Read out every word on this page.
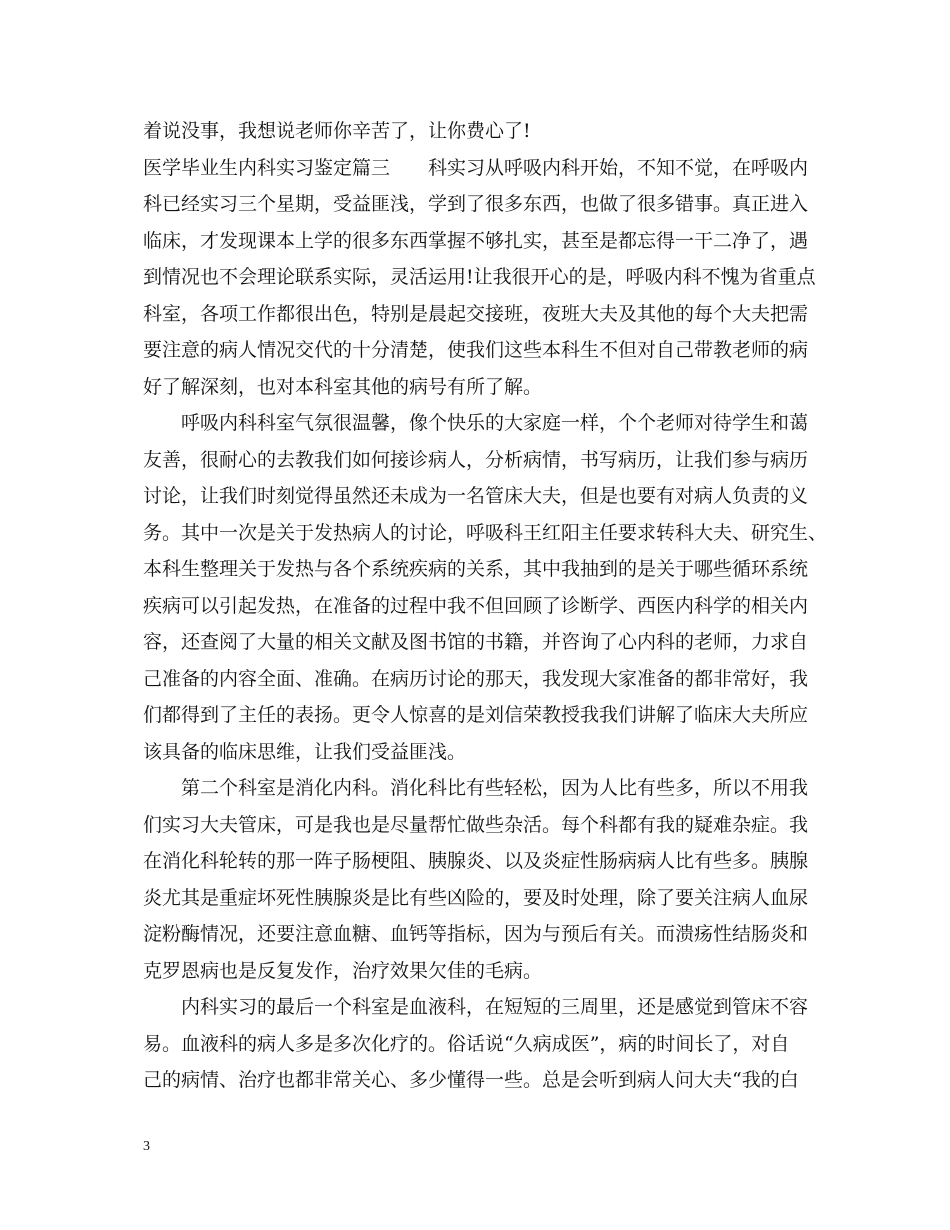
着说没事，我想说老师你辛苦了，让你费心了!
医学毕业生内科实习鉴定篇三　　科实习从呼吸内科开始，不知不觉，在呼吸内
科已经实习三个星期，受益匪浅，学到了很多东西，也做了很多错事。真正进入
临床，才发现课本上学的很多东西掌握不够扎实，甚至是都忘得一干二净了，遇
到情况也不会理论联系实际，灵活运用!让我很开心的是，呼吸内科不愧为省重点
科室，各项工作都很出色，特别是晨起交接班，夜班大夫及其他的每个大夫把需
要注意的病人情况交代的十分清楚，使我们这些本科生不但对自己带教老师的病
好了解深刻，也对本科室其他的病号有所了解。
呼吸内科科室气氛很温馨，像个快乐的大家庭一样，个个老师对待学生和蔼
友善，很耐心的去教我们如何接诊病人，分析病情，书写病历，让我们参与病历
讨论，让我们时刻觉得虽然还未成为一名管床大夫，但是也要有对病人负责的义
务。其中一次是关于发热病人的讨论，呼吸科王红阳主任要求转科大夫、研究生、
本科生整理关于发热与各个系统疾病的关系，其中我抽到的是关于哪些循环系统
疾病可以引起发热，在准备的过程中我不但回顾了诊断学、西医内科学的相关内
容，还查阅了大量的相关文献及图书馆的书籍，并咨询了心内科的老师，力求自
己准备的内容全面、准确。在病历讨论的那天，我发现大家准备的都非常好，我
们都得到了主任的表扬。更令人惊喜的是刘信荣教授我我们讲解了临床大夫所应
该具备的临床思维，让我们受益匪浅。
第二个科室是消化内科。消化科比有些轻松，因为人比有些多，所以不用我
们实习大夫管床，可是我也是尽量帮忙做些杂活。每个科都有我的疑难杂症。我
在消化科轮转的那一阵子肠梗阻、胰腺炎、以及炎症性肠病病人比有些多。胰腺
炎尤其是重症坏死性胰腺炎是比有些凶险的，要及时处理，除了要关注病人血尿
淀粉酶情况，还要注意血糖、血钙等指标，因为与预后有关。而溃疡性结肠炎和
克罗恩病也是反复发作，治疗效果欠佳的毛病。
内科实习的最后一个科室是血液科，在短短的三周里，还是感觉到管床不容
易。血液科的病人多是多次化疗的。俗话说“久病成医”，病的时间长了，对自
己的病情、治疗也都非常关心、多少懂得一些。总是会听到病人问大夫“我的白
3
